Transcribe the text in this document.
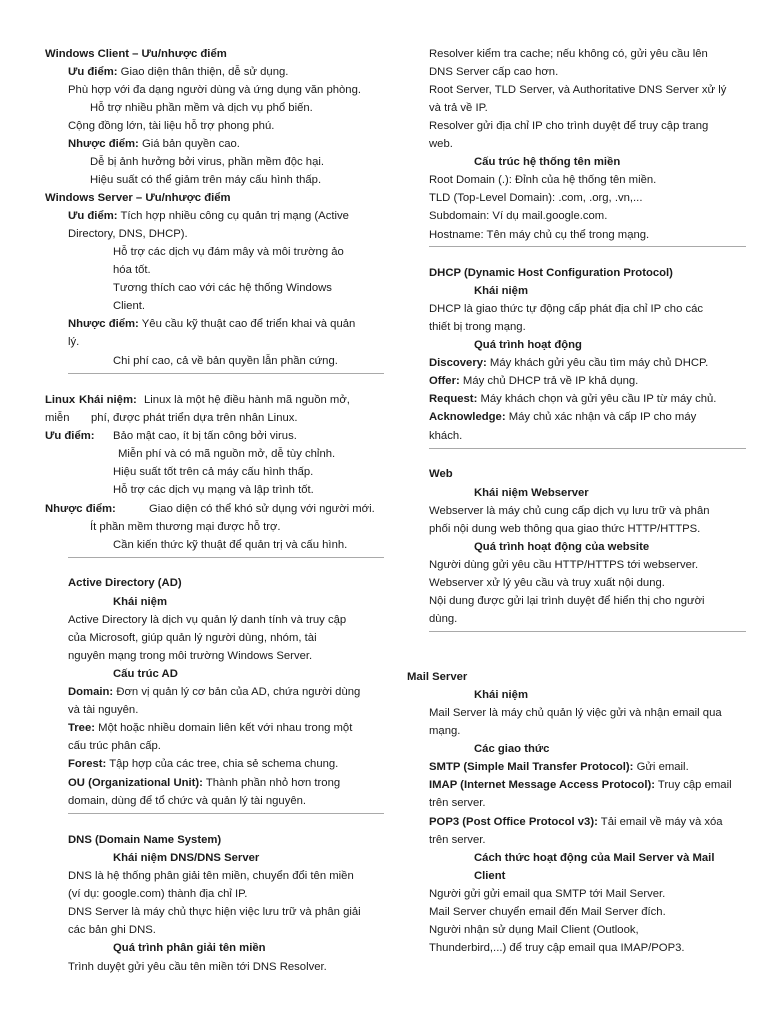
Windows Client – Ưu/nhược điểm
Ưu điểm: Giao diện thân thiện, dễ sử dụng.
Phù hợp với đa dạng người dùng và ứng dụng văn phòng.
Hỗ trợ nhiều phần mềm và dịch vụ phổ biến.
Cộng đồng lớn, tài liệu hỗ trợ phong phú.
Nhược điểm: Giá bản quyền cao.
Dễ bị ảnh hưởng bởi virus, phần mềm độc hại.
Hiệu suất có thể giảm trên máy cấu hình thấp.
Windows Server – Ưu/nhược điểm
Ưu điểm: Tích hợp nhiều công cụ quản trị mạng (Active
Directory, DNS, DHCP).
Hỗ trợ các dịch vụ đám mây và môi trường ảo
hóa tốt.
Tương thích cao với các hệ thống Windows
Client.
Nhược điểm: Yêu cầu kỹ thuật cao để triển khai và quản
lý.
Chi phí cao, cả về bản quyền lẫn phần cứng.
Linux Khái niệm: Linux là một hệ điều hành mã nguồn mở,
miễn phí, được phát triển dựa trên nhân Linux.
Ưu điểm: Bảo mật cao, ít bị tấn công bởi virus.
Miễn phí và có mã nguồn mở, dễ tùy chỉnh.
Hiệu suất tốt trên cả máy cấu hình thấp.
Hỗ trợ các dịch vụ mạng và lập trình tốt.
Nhược điểm:	Giao diện có thể khó sử dụng với người mới.
Ít phần mềm thương mại được hỗ trợ.
Cần kiến thức kỹ thuật để quản trị và cấu hình.
Active Directory (AD)
Khái niệm
Active Directory là dịch vụ quản lý danh tính và truy cập
của Microsoft, giúp quản lý người dùng, nhóm, tài
nguyên mạng trong môi trường Windows Server.
Cấu trúc AD
Domain: Đơn vị quản lý cơ bản của AD, chứa người dùng
và tài nguyên.
Tree: Một hoặc nhiều domain liên kết với nhau trong một
cấu trúc phân cấp.
Forest: Tập hợp của các tree, chia sẻ schema chung.
OU (Organizational Unit): Thành phần nhỏ hơn trong
domain, dùng để tổ chức và quản lý tài nguyên.
DNS (Domain Name System)
Khái niệm DNS/DNS Server
DNS là hệ thống phân giải tên miền, chuyển đổi tên miền
(ví dụ: google.com) thành địa chỉ IP.
DNS Server là máy chủ thực hiện việc lưu trữ và phân giải
các bản ghi DNS.
Quá trình phân giải tên miền
Trình duyệt gửi yêu cầu tên miền tới DNS Resolver.
Resolver kiểm tra cache; nếu không có, gửi yêu cầu lên
DNS Server cấp cao hơn.
Root Server, TLD Server, và Authoritative DNS Server xử lý
và trả về IP.
Resolver gửi địa chỉ IP cho trình duyệt để truy cập trang
web.
Cấu trúc hệ thống tên miền
Root Domain (.): Đỉnh của hệ thống tên miền.
TLD (Top-Level Domain): .com, .org, .vn,...
Subdomain: Ví dụ mail.google.com.
Hostname: Tên máy chủ cụ thể trong mạng.
DHCP (Dynamic Host Configuration Protocol)
Khái niệm
DHCP là giao thức tự động cấp phát địa chỉ IP cho các
thiết bị trong mạng.
Quá trình hoạt động
Discovery: Máy khách gửi yêu cầu tìm máy chủ DHCP.
Offer: Máy chủ DHCP trả về IP khả dụng.
Request: Máy khách chọn và gửi yêu cầu IP từ máy chủ.
Acknowledge: Máy chủ xác nhận và cấp IP cho máy
khách.
Web
Khái niệm Webserver
Webserver là máy chủ cung cấp dịch vụ lưu trữ và phân
phối nội dung web thông qua giao thức HTTP/HTTPS.
Quá trình hoạt động của website
Người dùng gửi yêu cầu HTTP/HTTPS tới webserver.
Webserver xử lý yêu cầu và truy xuất nội dung.
Nội dung được gửi lại trình duyệt để hiển thị cho người
dùng.
Mail Server
Khái niệm
Mail Server là máy chủ quản lý việc gửi và nhận email qua
mạng.
Các giao thức
SMTP (Simple Mail Transfer Protocol): Gửi email.
IMAP (Internet Message Access Protocol): Truy cập email
trên server.
POP3 (Post Office Protocol v3): Tải email về máy và xóa
trên server.
Cách thức hoạt động của Mail Server và Mail
Client
Người gửi gửi email qua SMTP tới Mail Server.
Mail Server chuyển email đến Mail Server đích.
Người nhận sử dụng Mail Client (Outlook,
Thunderbird,...) để truy cập email qua IMAP/POP3.
